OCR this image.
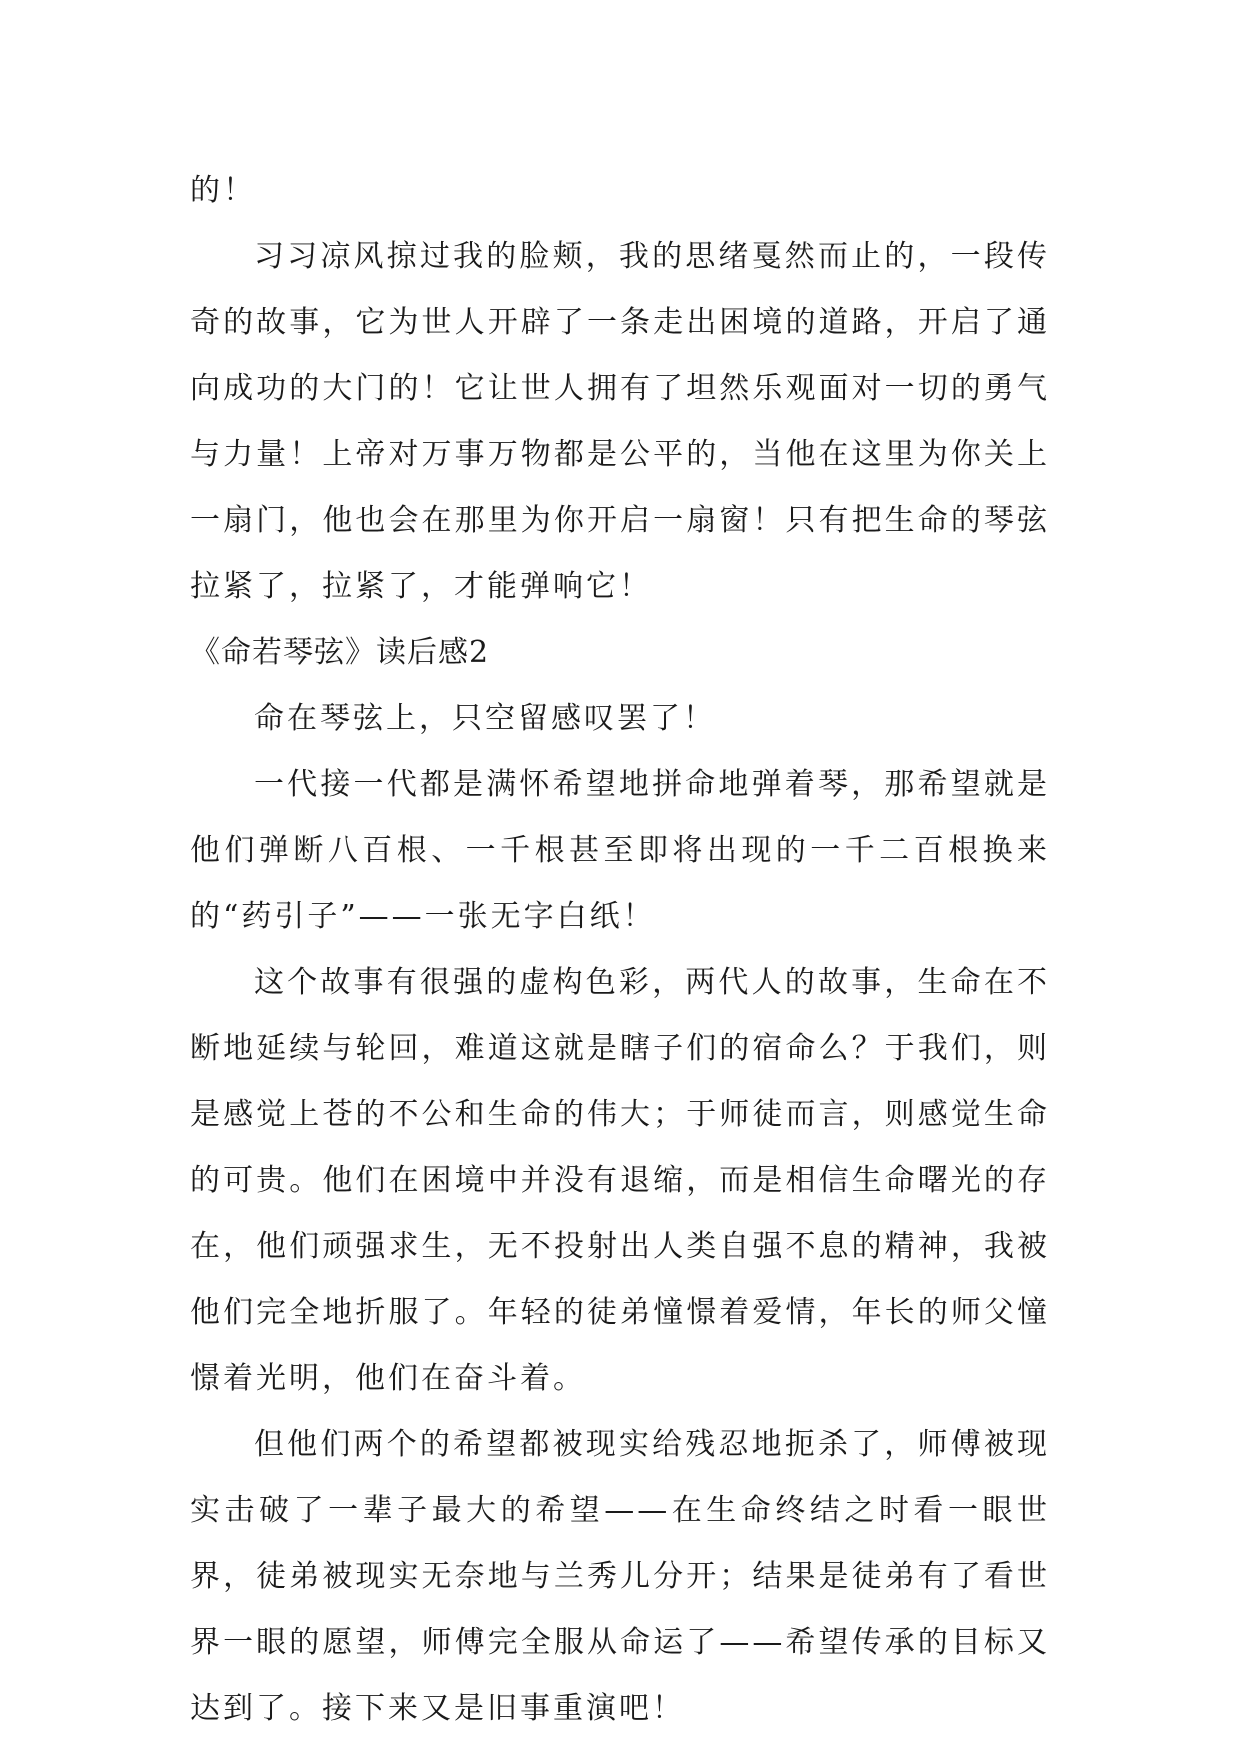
的！

习习凉风掠过我的脸颊，我的思绪戛然而止的，一段传奇的故事，它为世人开辟了一条走出困境的道路，开启了通向成功的大门的！它让世人拥有了坦然乐观面对一切的勇气与力量！上帝对万事万物都是公平的，当他在这里为你关上一扇门，他也会在那里为你开启一扇窗！只有把生命的琴弦拉紧了，拉紧了，才能弹响它！

《命若琴弦》读后感2

命在琴弦上，只空留感叹罢了！

一代接一代都是满怀希望地拼命地弹着琴，那希望就是他们弹断八百根、一千根甚至即将出现的一千二百根换来的“药引子”——一张无字白纸！

这个故事有很强的虚构色彩，两代人的故事，生命在不断地延续与轮回，难道这就是瞎子们的宿命么？于我们，则是感觉上苍的不公和生命的伟大；于师徒而言，则感觉生命的可贵。他们在困境中并没有退缩，而是相信生命曙光的存在，他们顽强求生，无不投射出人类自强不息的精神，我被他们完全地折服了。年轻的徒弟憧憬着爱情，年长的师父憧憬着光明，他们在奋斗着。

但他们两个的希望都被现实给残忍地扼杀了，师傅被现实击破了一辈子最大的希望——在生命终结之时看一眼世界，徒弟被现实无奈地与兰秀儿分开；结果是徒弟有了看世界一眼的愿望，师傅完全服从命运了——希望传承的目标又达到了。接下来又是旧事重演吧！
